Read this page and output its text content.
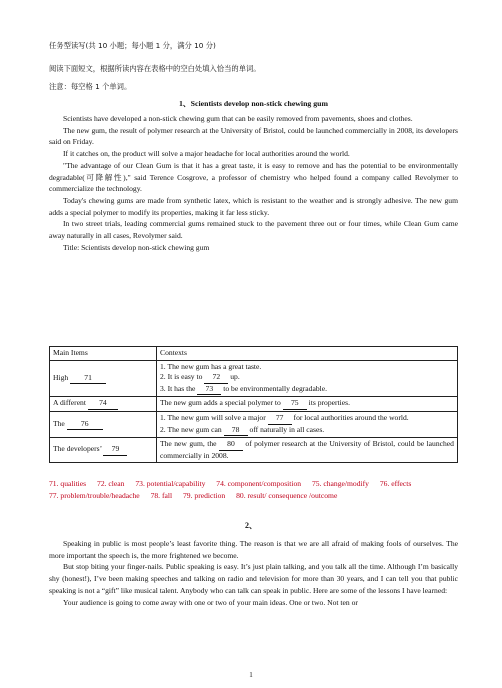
任务型读写(共 10 小题；每小题 1 分，满分 10 分)
阅读下面短文，根据所读内容在表格中的空白处填入恰当的单词。
注意：每空格 1 个单词。
1、Scientists develop non-stick chewing gum

Scientists have developed a non-stick chewing gum that can be easily removed from pavements, shoes and clothes.

The new gum, the result of polymer research at the University of Bristol, could be launched commercially in 2008, its developers said on Friday.

If it catches on, the product will solve a major headache for local authorities around the world.

"The advantage of our Clean Gum is that it has a great taste, it is easy to remove and has the potential to be environmentally degradable(可降解性)," said Terence Cosgrove, a professor of chemistry who helped found a company called Revolymer to commercialize the technology.

Today's chewing gums are made from synthetic latex, which is resistant to the weather and is strongly adhesive. The new gum adds a special polymer to modify its properties, making it far less sticky.

In two street trials, leading commercial gums remained stuck to the pavement three out or four times, while Clean Gum came away naturally in all cases, Revolymer said.

Title: Scientists develop non-stick chewing gum

Main Items	Contexts
High 71	1. The new gum has a great taste.
2. It is easy to 72 up.
3. It has the 73 to be environmentally degradable.

A different 74	The new gum adds a special polymer to 75 its properties.
The 76	1. The new gum will solve a major 77 for local authorities around the world.
2. The new gum can 78 off naturally in all cases.

The developers’ 79	The new gum, the 80 of polymer research at the University of Bristol, could be launched commercially in 2008.
71. qualities 72. clean 73. potential/capability 74. component/composition 75. change/modify 76. effects 77. problem/trouble/headache 78. fall 79. prediction 80. result/ consequence /outcome
2、

Speaking in public is most people’s least favorite thing. The reason is that we are all afraid of making fools of ourselves. The more important the speech is, the more frightened we become.

But stop biting your finger-nails. Public speaking is easy. It’s just plain talking, and you talk all the time. Although I’m basically shy (honest!), I’ve been making speeches and talking on radio and television for more than 30 years, and I can tell you that public speaking is not a “gift” like musical talent. Anybody who can talk can speak in public. Here are some of the lessons I have learned:

Your audience is going to come away with one or two of your main ideas. One or two. Not ten or

1
